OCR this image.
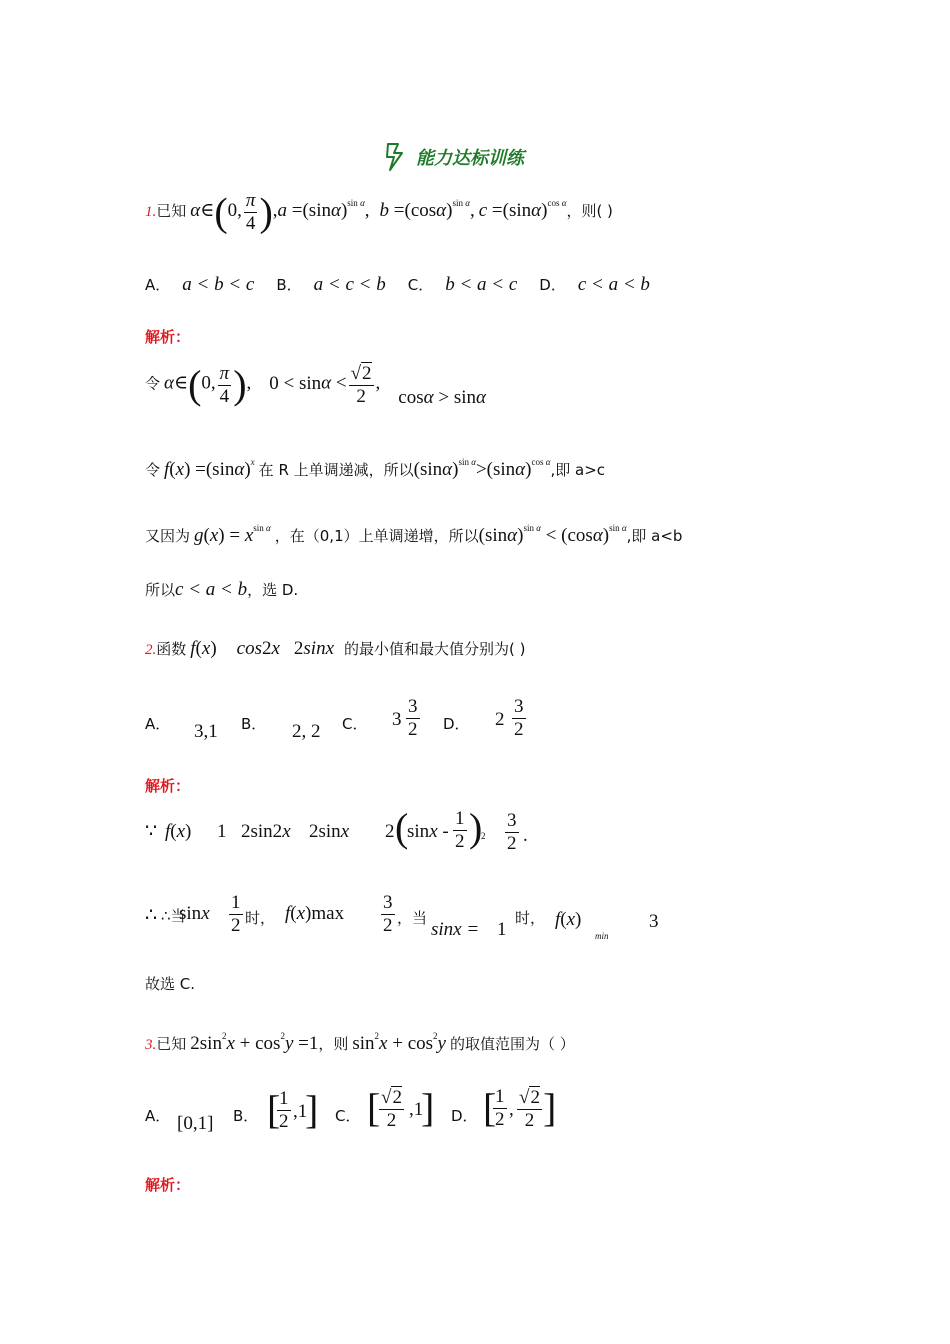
能力达标训练
1.已知 α∈(0, $\frac{\pi}{4} ),a =(\sin\alpha)^{sin \alpha}$, $b =(\cos\alpha)^{sin \alpha}$, $c =(\sin\alpha)^{cos \alpha}$，则( )
A． a < b < c B． a < c < b C． b < a < c D． c < a < b
解析：
令 α∈(0, $\frac{\pi}{4}$ ), $0 < \sin\alpha < \frac{√2}{2}$ , cosα > sinα
令 $f(x) =(\sin\alpha)^x$ 在 R 上单调递减，所以$(\sin\alpha)^{sin \alpha}>(\sin\alpha)^{cos \alpha}$,即 a>c
又因为 $g(x) = x^{sin \alpha}$ ，在（0,1）上单调递增，所以$(\sin\alpha)^{sin \alpha} < (\cos\alpha)^{sin \alpha}$,即 a<b
所以c < a < b，选 D.
2.函数 f(x) cos2x 2sinx 的最小值和最大值分别为( )
A． 3,1 B． 2, 2 C． $3 \frac{3}{2}$ D． $2 \frac{3}{2}$
解析：
∵ f(x) 1 2sin2x 2sinx 2 (
sinx - $\frac{1}{2}$ )
$2 \frac{3}{2}$ .
∴ ∴当
sinx $\frac{1}{2}$ 时， $f(x)\max \frac{3}{2}$ ，当
sinx = 1
时， f(x)
min
3
故选 C.
3.已知 $2\sin^2x + \cos^2y =1$，则 $\sin^2x + \cos^2y$ 的取值范围为（ ）
A． [0,1] B． [
$\frac{1}{2} ,1$
] C． [
$\frac{√2}{2} ,1$
] D． [
$\frac{1}{2}$ , $\frac{√2}{2}$ ]
解析：
